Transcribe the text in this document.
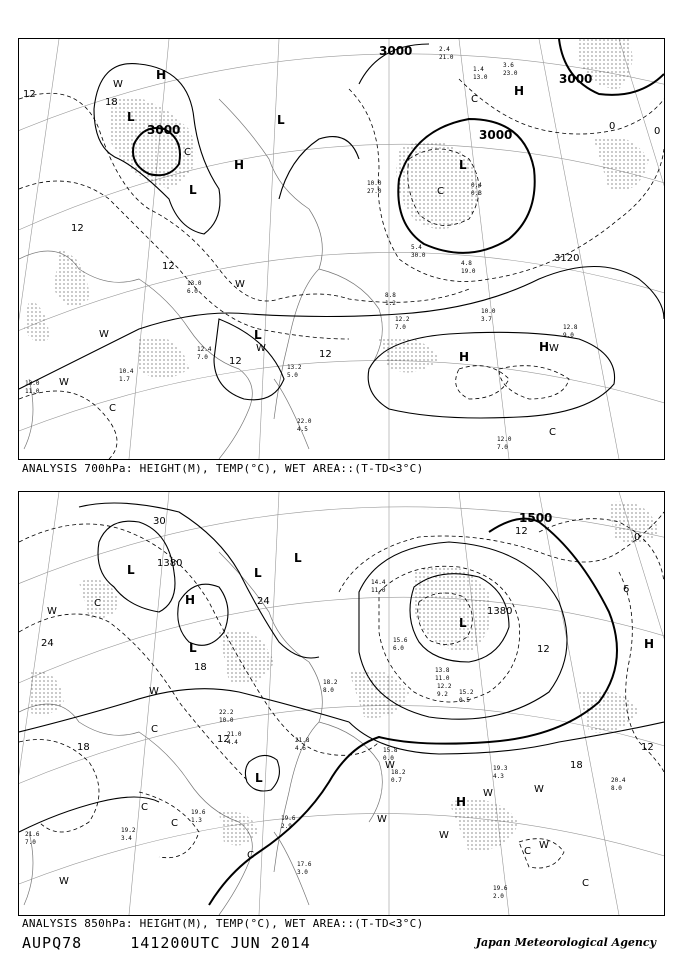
3000
3000
3000
3000
3120
12
18
12
12
12
12
0	0
L
L
L
L
L
H
H
H
H
H
W
W
W
W
W	W
C
C
C
C
C
10.0
3.7
12.2
7.0
8.8
1.2
12.0
7.0
13.2
5.0
12.8
9.0
13.0
6.0
12.4
7.0
10.4
1.7
13.0
11.0
22.0
4.5
5.4
30.0
4.8
19.0
3.6
23.0
2.4
21.0
1.4
13.0
0.4
0.3
10.0
27.0
ANALYSIS 700hPa: HEIGHT(M), TEMP(°C), WET AREA::(T-TD<3°C)
1380
1380
1500
30
24
24
18
18
12
12
18
12
6
0
12
L
L
L
L
L
L
H
H
H
W
W
W
W
W
W	W
W
W
C
C
C
C	C
C
C
19.3
4.3
18.2
0.7
15.8
0.0
20.4
8.0
19.6
2.0
17.6
3.0
19.6
2.9
21.8
4.6
22.2
10.0
18.2
8.0	15.2
0.5
13.8
11.0
12.2
9.2
14.4
11.0
15.6
6.0
19.6
1.3
19.2
3.4
21.6
7.0
21.0
4.4
ANALYSIS 850hPa: HEIGHT(M), TEMP(°C), WET AREA::(T-TD<3°C)
AUPQ78	141200UTC JUN 2014	Japan Meteorological Agency
